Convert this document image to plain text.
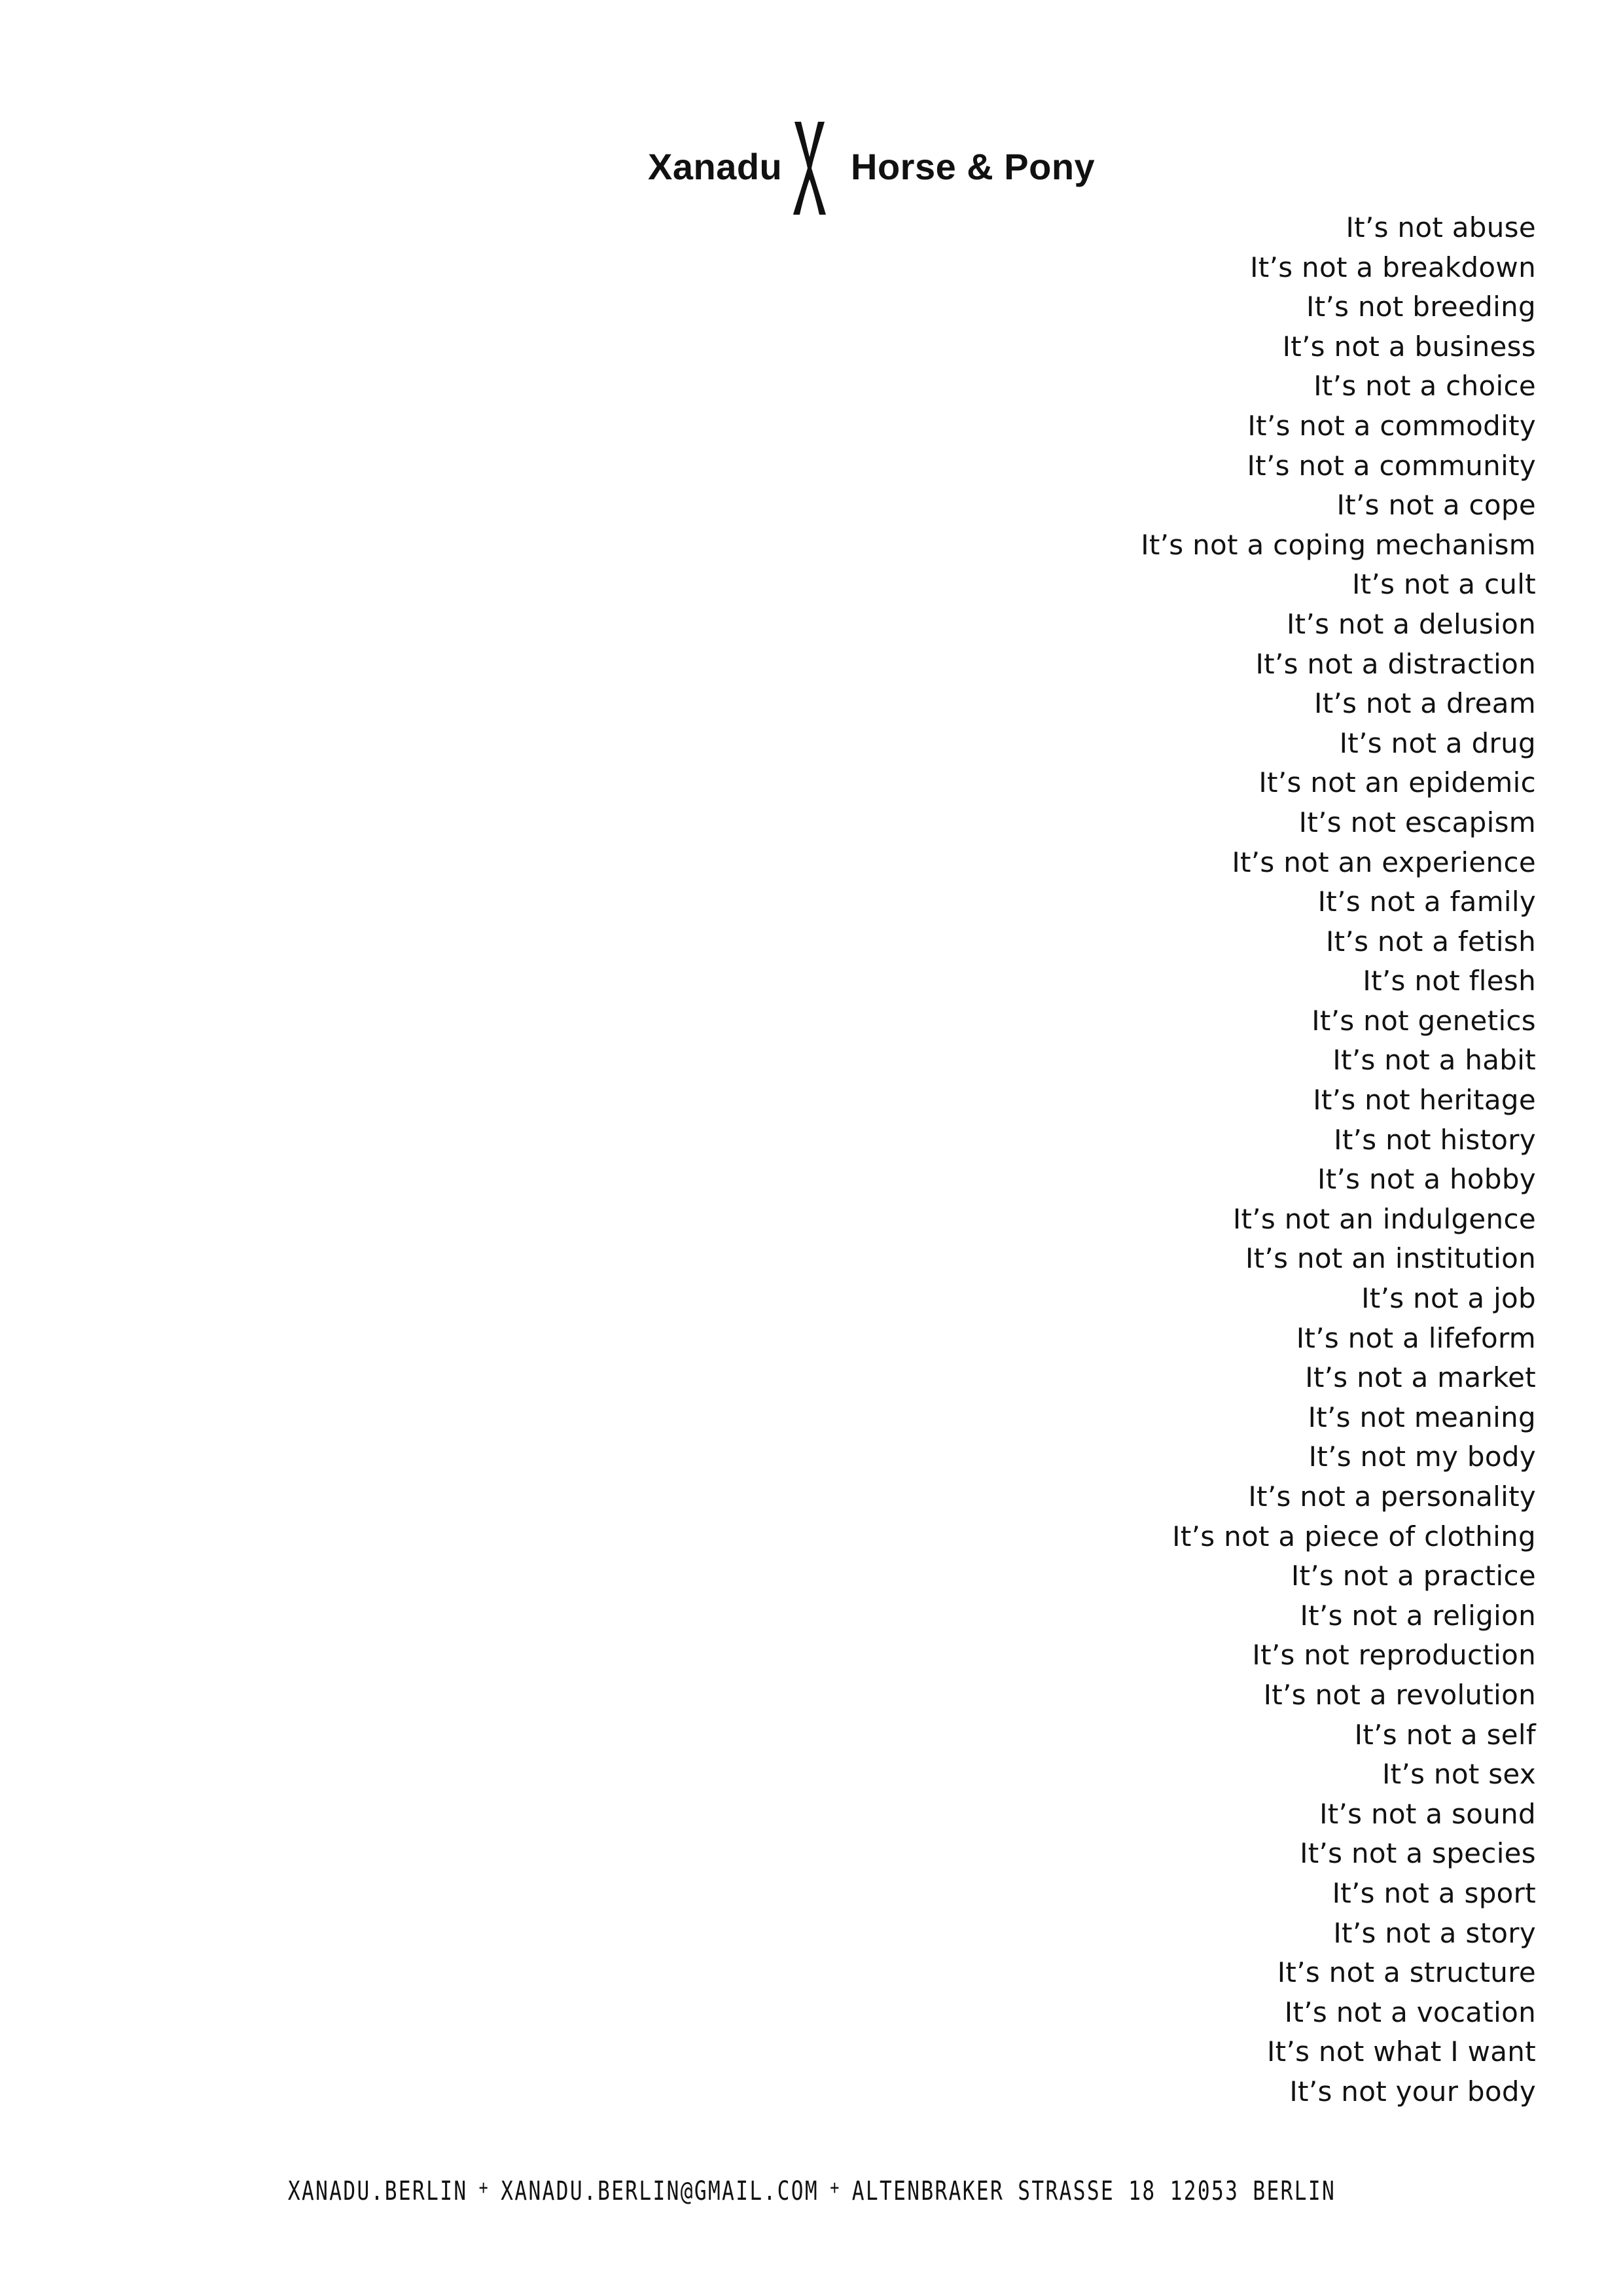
Xanadu Horse & Pony
It’s not abuse
It’s not a breakdown
It’s not breeding
It’s not a business
It’s not a choice
It’s not a commodity
It’s not a community
It’s not a cope
It’s not a coping mechanism
It’s not a cult
It’s not a delusion
It’s not a distraction
It’s not a dream
It’s not a drug
It’s not an epidemic
It’s not escapism
It’s not an experience
It’s not a family
It’s not a fetish
It’s not flesh
It’s not genetics
It’s not a habit
It’s not heritage
It’s not history
It’s not a hobby
It’s not an indulgence
It’s not an institution
It’s not a job
It’s not a lifeform
It’s not a market
It’s not meaning
It’s not my body
It’s not a personality
It’s not a piece of clothing
It’s not a practice
It’s not a religion
It’s not reproduction
It’s not a revolution
It’s not a self
It’s not sex
It’s not a sound
It’s not a species
It’s not a sport
It’s not a story
It’s not a structure
It’s not a vocation
It’s not what I want
It’s not your body
XANADU.BERLIN + XANADU.BERLIN@GMAIL.COM + ALTENBRAKER STRASSE 18 12053 BERLIN
